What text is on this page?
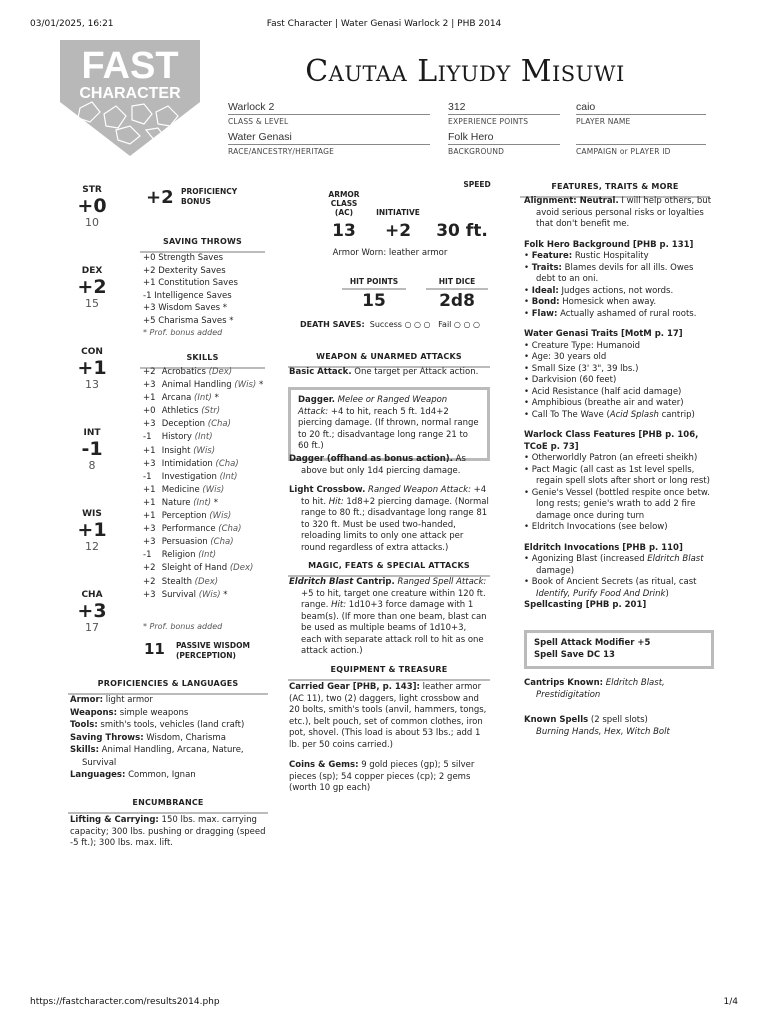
03/01/2025, 16:21	Fast Character | Water Genasi Warlock 2 | PHB 2014
https://fastcharacter.com/results2014.php	1/4
FAST
CHARACTER
Cautaa Liyudy Misuwi
Warlock 2
CLASS & LEVEL
312
EXPERIENCE POINTS
caio
PLAYER NAME
Water Genasi
RACE/ANCESTRY/HERITAGE
Folk Hero
BACKGROUND	CAMPAIGN or PLAYER ID
STR
+0
10
DEX
+2
15
CON
+1
13
INT
-1
8
WIS
+1
12
CHA
+3
17
+2 PROFICIENCY
BONUS
SAVING THROWS
+0 Strength Saves
+2 Dexterity Saves
+1 Constitution Saves
-1 Intelligence Saves
+3 Wisdom Saves *
+5 Charisma Saves *
* Prof. bonus added
SKILLS
+2 Acrobatics (Dex)
+3 Animal Handling (Wis) *
+1 Arcana (Int) *
+0 Athletics (Str)
+3 Deception (Cha)
-1 History (Int)
+1 Insight (Wis)
+3 Intimidation (Cha)
-1 Investigation (Int)
+1 Medicine (Wis)
+1 Nature (Int) *
+1 Perception (Wis)
+3 Performance (Cha)
+3 Persuasion (Cha)
-1 Religion (Int)
+2 Sleight of Hand (Dex)
+2 Stealth (Dex)
+3 Survival (Wis) *
* Prof. bonus added
11 PASSIVE WISDOM
(PERCEPTION)
PROFICIENCIES & LANGUAGES
Armor: light armor
Weapons: simple weapons
Tools: smith's tools, vehicles (land craft)
Saving Throws: Wisdom, Charisma
Skills: Animal Handling, Arcana, Nature, Survival
Languages: Common, Ignan
ENCUMBRANCE
Lifting & Carrying: 150 lbs. max. carrying capacity; 300 lbs. pushing or dragging (speed -5 ft.); 300 lbs. max. lift.
SPEED
ARMOR CLASS (AC)	INITIATIVE
13	+2	30 ft.
Armor Worn: leather armor
HIT POINTS	HIT DICE
15	2d8
DEATH SAVES: Success ○ ○ ○ Fail ○ ○ ○
WEAPON & UNARMED ATTACKS
Basic Attack. One target per Attack action.
Dagger. Melee or Ranged Weapon Attack: +4 to hit, reach 5 ft. 1d4+2 piercing damage. (If thrown, normal range to 20 ft.; disadvantage long range 21 to 60 ft.)
Dagger (offhand as bonus action). As above but only 1d4 piercing damage.
Light Crossbow. Ranged Weapon Attack: +4 to hit. Hit: 1d8+2 piercing damage. (Normal range to 80 ft.; disadvantage long range 81 to 320 ft. Must be used two-handed, reloading limits to only one attack per round regardless of extra attacks.)
MAGIC, FEATS & SPECIAL ATTACKS
Eldritch Blast Cantrip. Ranged Spell Attack: +5 to hit, target one creature within 120 ft. range. Hit: 1d10+3 force damage with 1 beam(s). (If more than one beam, blast can be used as multiple beams of 1d10+3, each with separate attack roll to hit as one attack action.)
EQUIPMENT & TREASURE
Carried Gear [PHB, p. 143]: leather armor (AC 11), two (2) daggers, light crossbow and 20 bolts, smith's tools (anvil, hammers, tongs, etc.), belt pouch, set of common clothes, iron pot, shovel. (This load is about 53 lbs.; add 1 lb. per 50 coins carried.)
Coins & Gems: 9 gold pieces (gp); 5 silver pieces (sp); 54 copper pieces (cp); 2 gems (worth 10 gp each)
FEATURES, TRAITS & MORE
Alignment: Neutral. I will help others, but avoid serious personal risks or loyalties that don't benefit me.
Folk Hero Background [PHB p. 131]
• Feature: Rustic Hospitality
• Traits: Blames devils for all ills. Owes debt to an oni.
• Ideal: Judges actions, not words.
• Bond: Homesick when away.
• Flaw: Actually ashamed of rural roots.
Water Genasi Traits [MotM p. 17]
• Creature Type: Humanoid
• Age: 30 years old
• Small Size (3' 3", 39 lbs.)
• Darkvision (60 feet)
• Acid Resistance (half acid damage)
• Amphibious (breathe air and water)
• Call To The Wave (Acid Splash cantrip)
Warlock Class Features [PHB p. 106, TCoE p. 73]
• Otherworldly Patron (an efreeti sheikh)
• Pact Magic (all cast as 1st level spells, regain spell slots after short or long rest)
• Genie's Vessel (bottled respite once betw. long rests; genie's wrath to add 2 fire damage once during turn
• Eldritch Invocations (see below)
Eldritch Invocations [PHB p. 110]
• Agonizing Blast (increased Eldritch Blast damage)
• Book of Ancient Secrets (as ritual, cast Identify, Purify Food And Drink)
Spellcasting [PHB p. 201]
Spell Attack Modifier +5
Spell Save DC 13
Cantrips Known: Eldritch Blast, Prestidigitation
Known Spells (2 spell slots)
Burning Hands, Hex, Witch Bolt
